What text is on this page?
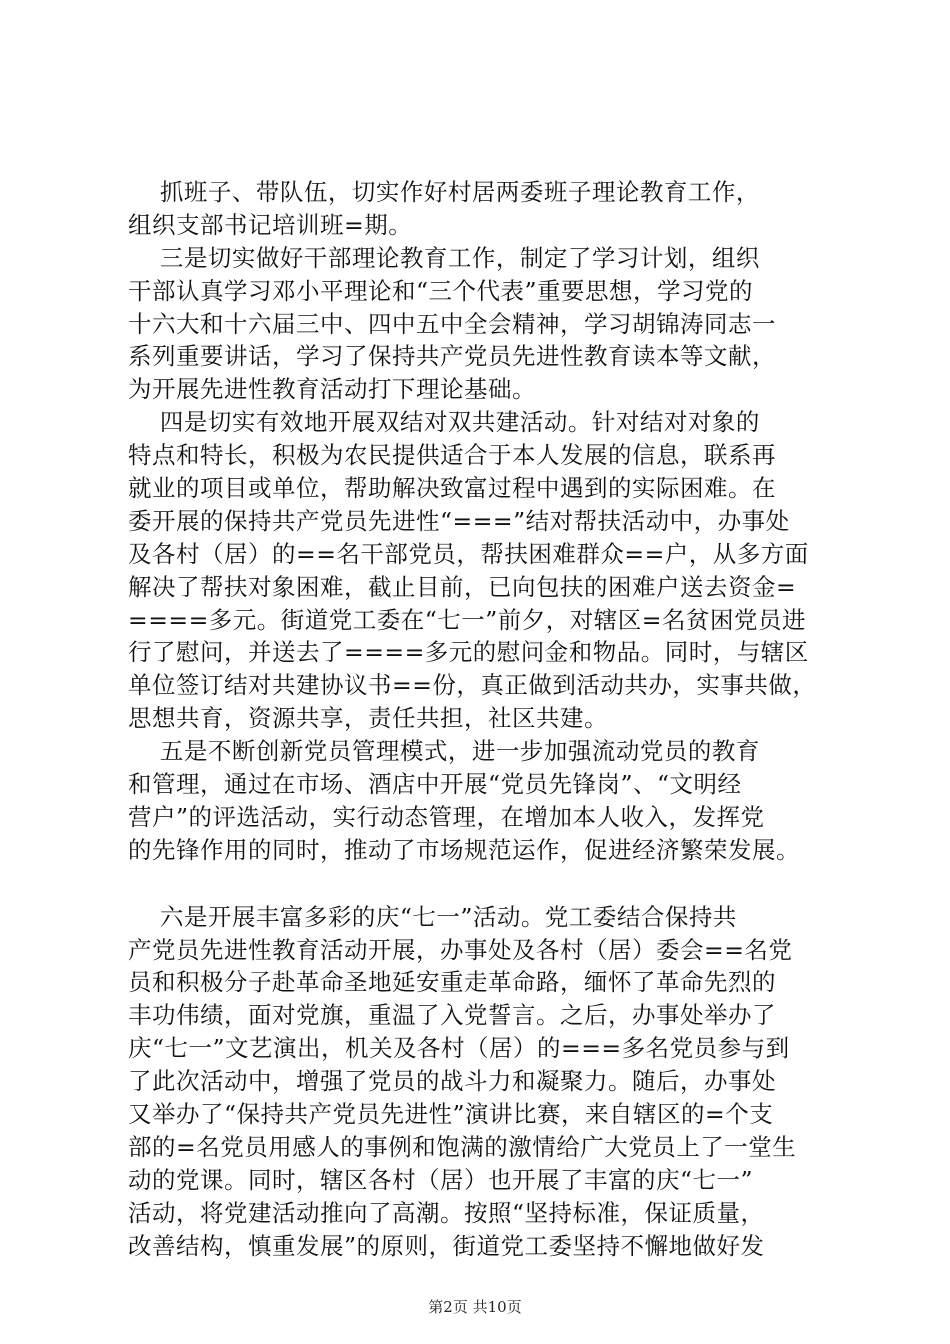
抓班子、带队伍，切实作好村居两委班子理论教育工作，
组织支部书记培训班=期。
三是切实做好干部理论教育工作，制定了学习计划，组织
干部认真学习邓小平理论和“三个代表”重要思想，学习党的
十六大和十六届三中、四中五中全会精神，学习胡锦涛同志一
系列重要讲话，学习了保持共产党员先进性教育读本等文献，
为开展先进性教育活动打下理论基础。
四是切实有效地开展双结对双共建活动。针对结对对象的
特点和特长，积极为农民提供适合于本人发展的信息，联系再
就业的项目或单位，帮助解决致富过程中遇到的实际困难。在
委开展的保持共产党员先进性“===”结对帮扶活动中，办事处
及各村（居）的==名干部党员，帮扶困难群众==户，从多方面
解决了帮扶对象困难，截止目前，已向包扶的困难户送去资金=
====多元。街道党工委在“七一”前夕，对辖区=名贫困党员进
行了慰问，并送去了====多元的慰问金和物品。同时，与辖区
单位签订结对共建协议书==份，真正做到活动共办，实事共做，
思想共育，资源共享，责任共担，社区共建。
五是不断创新党员管理模式，进一步加强流动党员的教育
和管理，通过在市场、酒店中开展“党员先锋岗”、“文明经
营户”的评选活动，实行动态管理，在增加本人收入，发挥党
的先锋作用的同时，推动了市场规范运作，促进经济繁荣发展。
六是开展丰富多彩的庆“七一”活动。党工委结合保持共
产党员先进性教育活动开展，办事处及各村（居）委会==名党
员和积极分子赴革命圣地延安重走革命路，缅怀了革命先烈的
丰功伟绩，面对党旗，重温了入党誓言。之后，办事处举办了
庆“七一”文艺演出，机关及各村（居）的===多名党员参与到
了此次活动中，增强了党员的战斗力和凝聚力。随后，办事处
又举办了“保持共产党员先进性”演讲比赛，来自辖区的=个支
部的=名党员用感人的事例和饱满的激情给广大党员上了一堂生
动的党课。同时，辖区各村（居）也开展了丰富的庆“七一”
活动，将党建活动推向了高潮。按照“坚持标准，保证质量，
改善结构，慎重发展”的原则，街道党工委坚持不懈地做好发
第2页 共10页
